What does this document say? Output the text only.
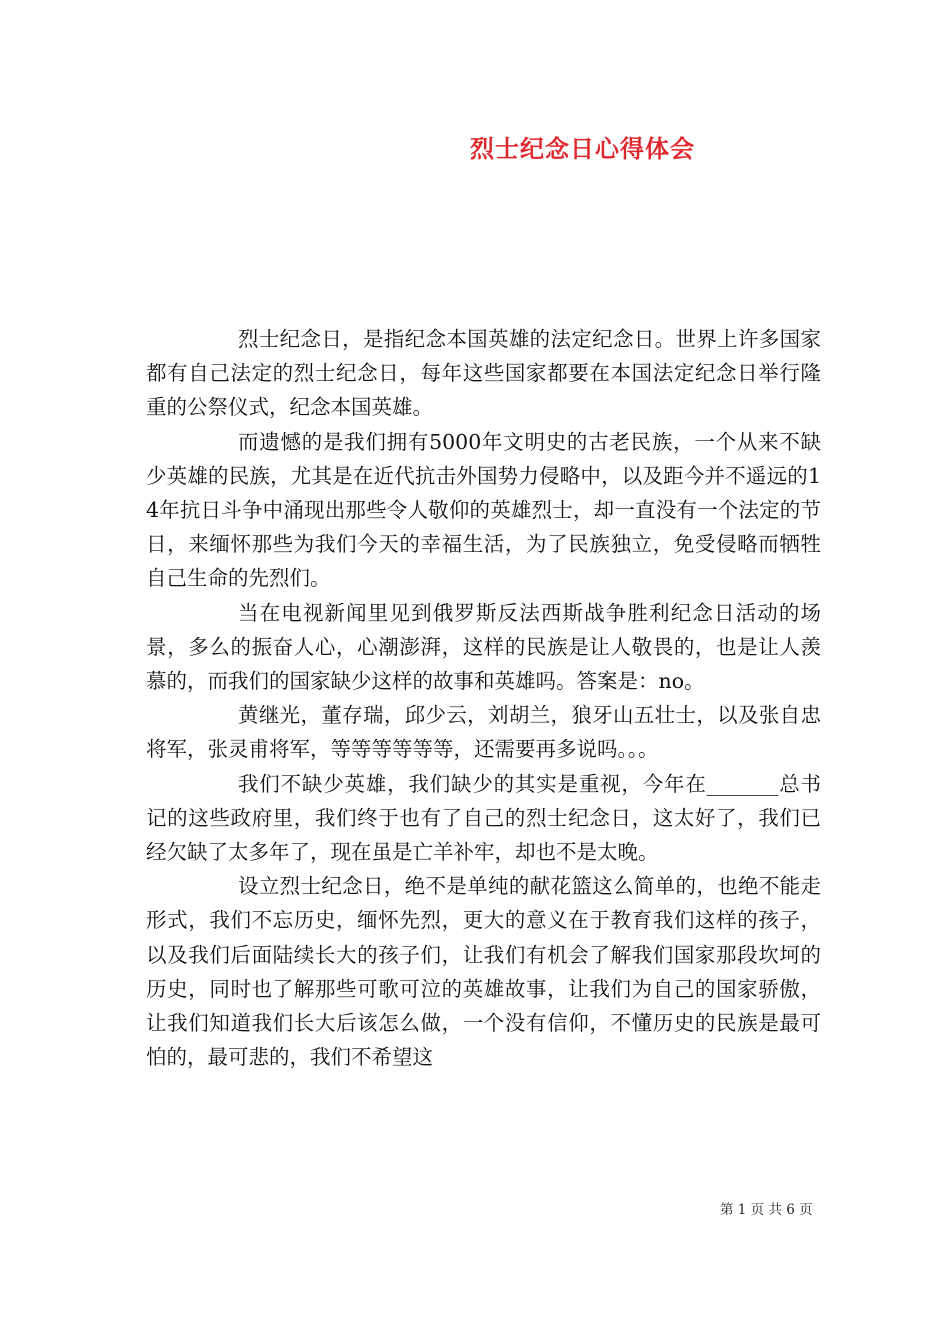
烈士纪念日心得体会

烈士纪念日，是指纪念本国英雄的法定纪念日。世界上许多国家都有自己法定的烈士纪念日，每年这些国家都要在本国法定纪念日举行隆重的公祭仪式，纪念本国英雄。

而遗憾的是我们拥有5000年文明史的古老民族，一个从来不缺少英雄的民族，尤其是在近代抗击外国势力侵略中，以及距今并不遥远的14年抗日斗争中涌现出那些令人敬仰的英雄烈士，却一直没有一个法定的节日，来缅怀那些为我们今天的幸福生活，为了民族独立，免受侵略而牺牲自己生命的先烈们。

当在电视新闻里见到俄罗斯反法西斯战争胜利纪念日活动的场景，多么的振奋人心，心潮澎湃，这样的民族是让人敬畏的，也是让人羡慕的，而我们的国家缺少这样的故事和英雄吗。答案是：no。

黄继光，董存瑞，邱少云，刘胡兰，狼牙山五壮士，以及张自忠将军，张灵甫将军，等等等等等等，还需要再多说吗。。。

我们不缺少英雄，我们缺少的其实是重视，今年在_______总书记的这些政府里，我们终于也有了自己的烈士纪念日，这太好了，我们已经欠缺了太多年了，现在虽是亡羊补牢，却也不是太晚。

设立烈士纪念日，绝不是单纯的献花篮这么简单的，也绝不能走形式，我们不忘历史，缅怀先烈，更大的意义在于教育我们这样的孩子，以及我们后面陆续长大的孩子们，让我们有机会了解我们国家那段坎坷的历史，同时也了解那些可歌可泣的英雄故事，让我们为自己的国家骄傲，让我们知道我们长大后该怎么做，一个没有信仰，不懂历史的民族是最可怕的，最可悲的，我们不希望这

第 1 页 共 6 页
